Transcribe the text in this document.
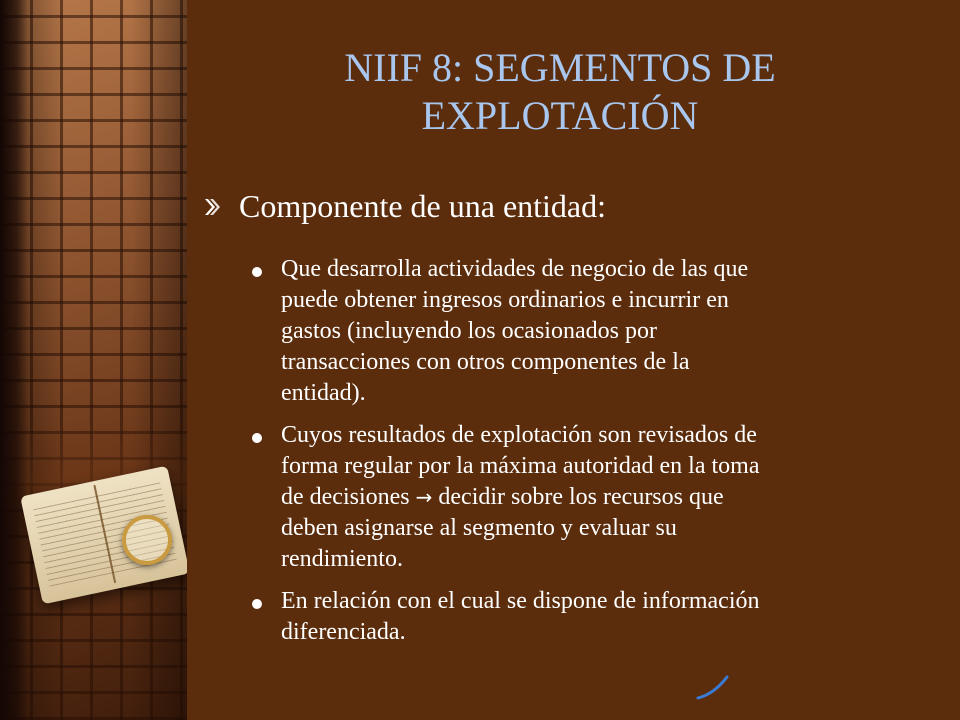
NIIF 8: SEGMENTOS DE
EXPLOTACIÓN
Componente de una entidad:
Que desarrolla actividades de negocio de las que
puede obtener ingresos ordinarios e incurrir en
gastos (incluyendo los ocasionados por
transacciones con otros componentes de la
entidad).
Cuyos resultados de explotación son revisados de
forma regular por la máxima autoridad en la toma
de decisiones → decidir sobre los recursos que
deben asignarse al segmento y evaluar su
rendimiento.
En relación con el cual se dispone de información
diferenciada.
